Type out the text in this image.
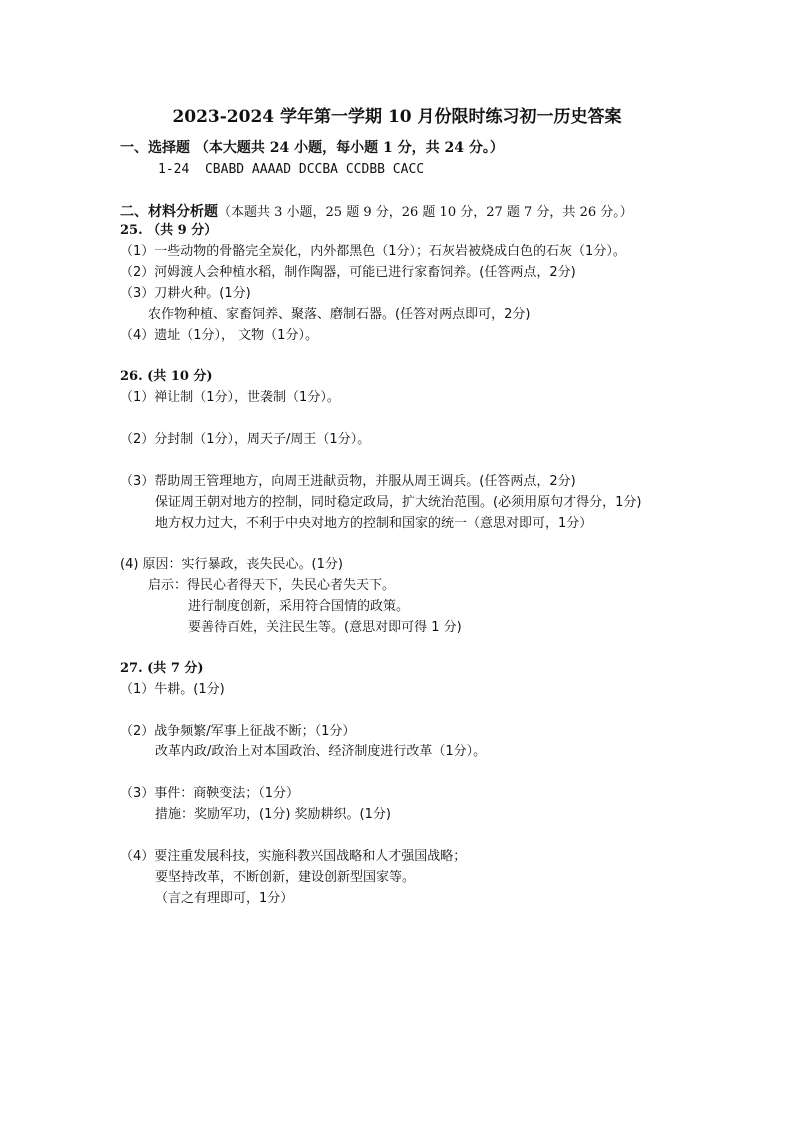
2023-2024 学年第一学期 10 月份限时练习初一历史答案
一、选择题 （本大题共 24 小题，每小题 1 分，共 24 分。）
1-24  CBABD AAAAD DCCBA CCDBB CACC
二、材料分析题（本题共 3 小题，25 题 9 分，26 题 10 分，27 题 7 分，共 26 分。）
25. （共 9 分）
（1）一些动物的骨骼完全炭化，内外都黑色（1分）；石灰岩被烧成白色的石灰（1分）。
（2）河姆渡人会种植水稻，制作陶器，可能已进行家畜饲养。(任答两点，2分)
（3）刀耕火种。(1分)
农作物种植、家畜饲养、聚落、磨制石器。(任答对两点即可，2分)
（4）遗址（1分）， 文物（1分）。
26. (共 10 分)
（1）禅让制（1分），世袭制（1分）。
（2）分封制（1分），周天子/周王（1分）。
（3）帮助周王管理地方，向周王进献贡物，并服从周王调兵。(任答两点，2分)
保证周王朝对地方的控制，同时稳定政局，扩大统治范围。(必须用原句才得分，1分)
地方权力过大，不利于中央对地方的控制和国家的统一（意思对即可，1分）
(4) 原因：实行暴政，丧失民心。(1分)
启示：得民心者得天下，失民心者失天下。
进行制度创新，采用符合国情的政策。
要善待百姓，关注民生等。(意思对即可得 1 分)
27. (共 7 分)
（1）牛耕。(1分)
（2）战争频繁/军事上征战不断；（1分）
改革内政/政治上对本国政治、经济制度进行改革（1分）。
（3）事件：商鞅变法；（1分）
措施：奖励军功，(1分) 奖励耕织。(1分)
（4）要注重发展科技，实施科教兴国战略和人才强国战略；
要坚持改革，不断创新，建设创新型国家等。
（言之有理即可，1分）
